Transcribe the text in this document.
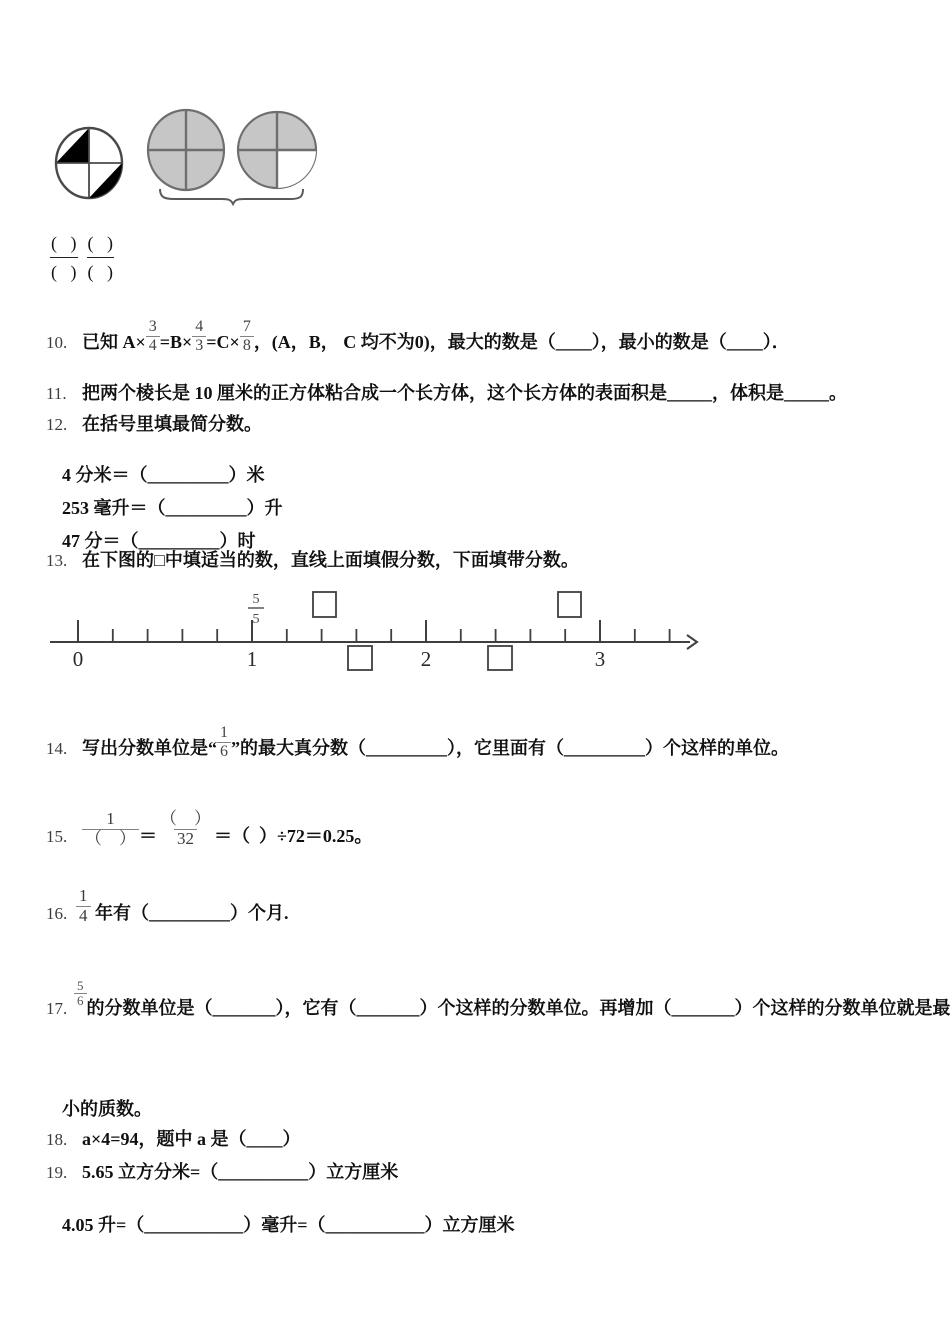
(   )
(   )
(   )
(   )
10. 已知 $A\times \frac{3}{4} =B\times \frac{4}{3} =C\times \frac{7}{8}$ ，(A，B， C 均不为0)，最大的数是（____），最小的数是（____）．
11. 把两个棱长是 10 厘米的正方体粘合成一个长方体，这个长方体的表面积是_____，体积是_____。
12. 在括号里填最简分数。

4 分米＝（_________）米

253 毫升＝（_________）升

47 分＝（_________）时

13. 在下图的□中填适当的数，直线上面填假分数，下面填带分数。
5
5
0	1	2	3
14. 写出分数单位是“ $\frac{1}{6}$ ”的最大真分数（_________），它里面有（_________）个这样的单位。
15. $\frac{1}{( )} = \frac{( )}{32}$ ＝（  ）÷72＝0.25。
16. $\frac{1}{4}$ 年有（_________）个月.
17.
$\frac{5}{6}$ 的分数单位是（_______），它有（_______）个这样的分数单位。再增加（_______）个这样的分数单位就是最

小的质数。

18. a×4=94，题中 a 是（____）
19. 5.65 立方分米=（__________）立方厘米

4.05 升=（___________）毫升=（___________）立方厘米
